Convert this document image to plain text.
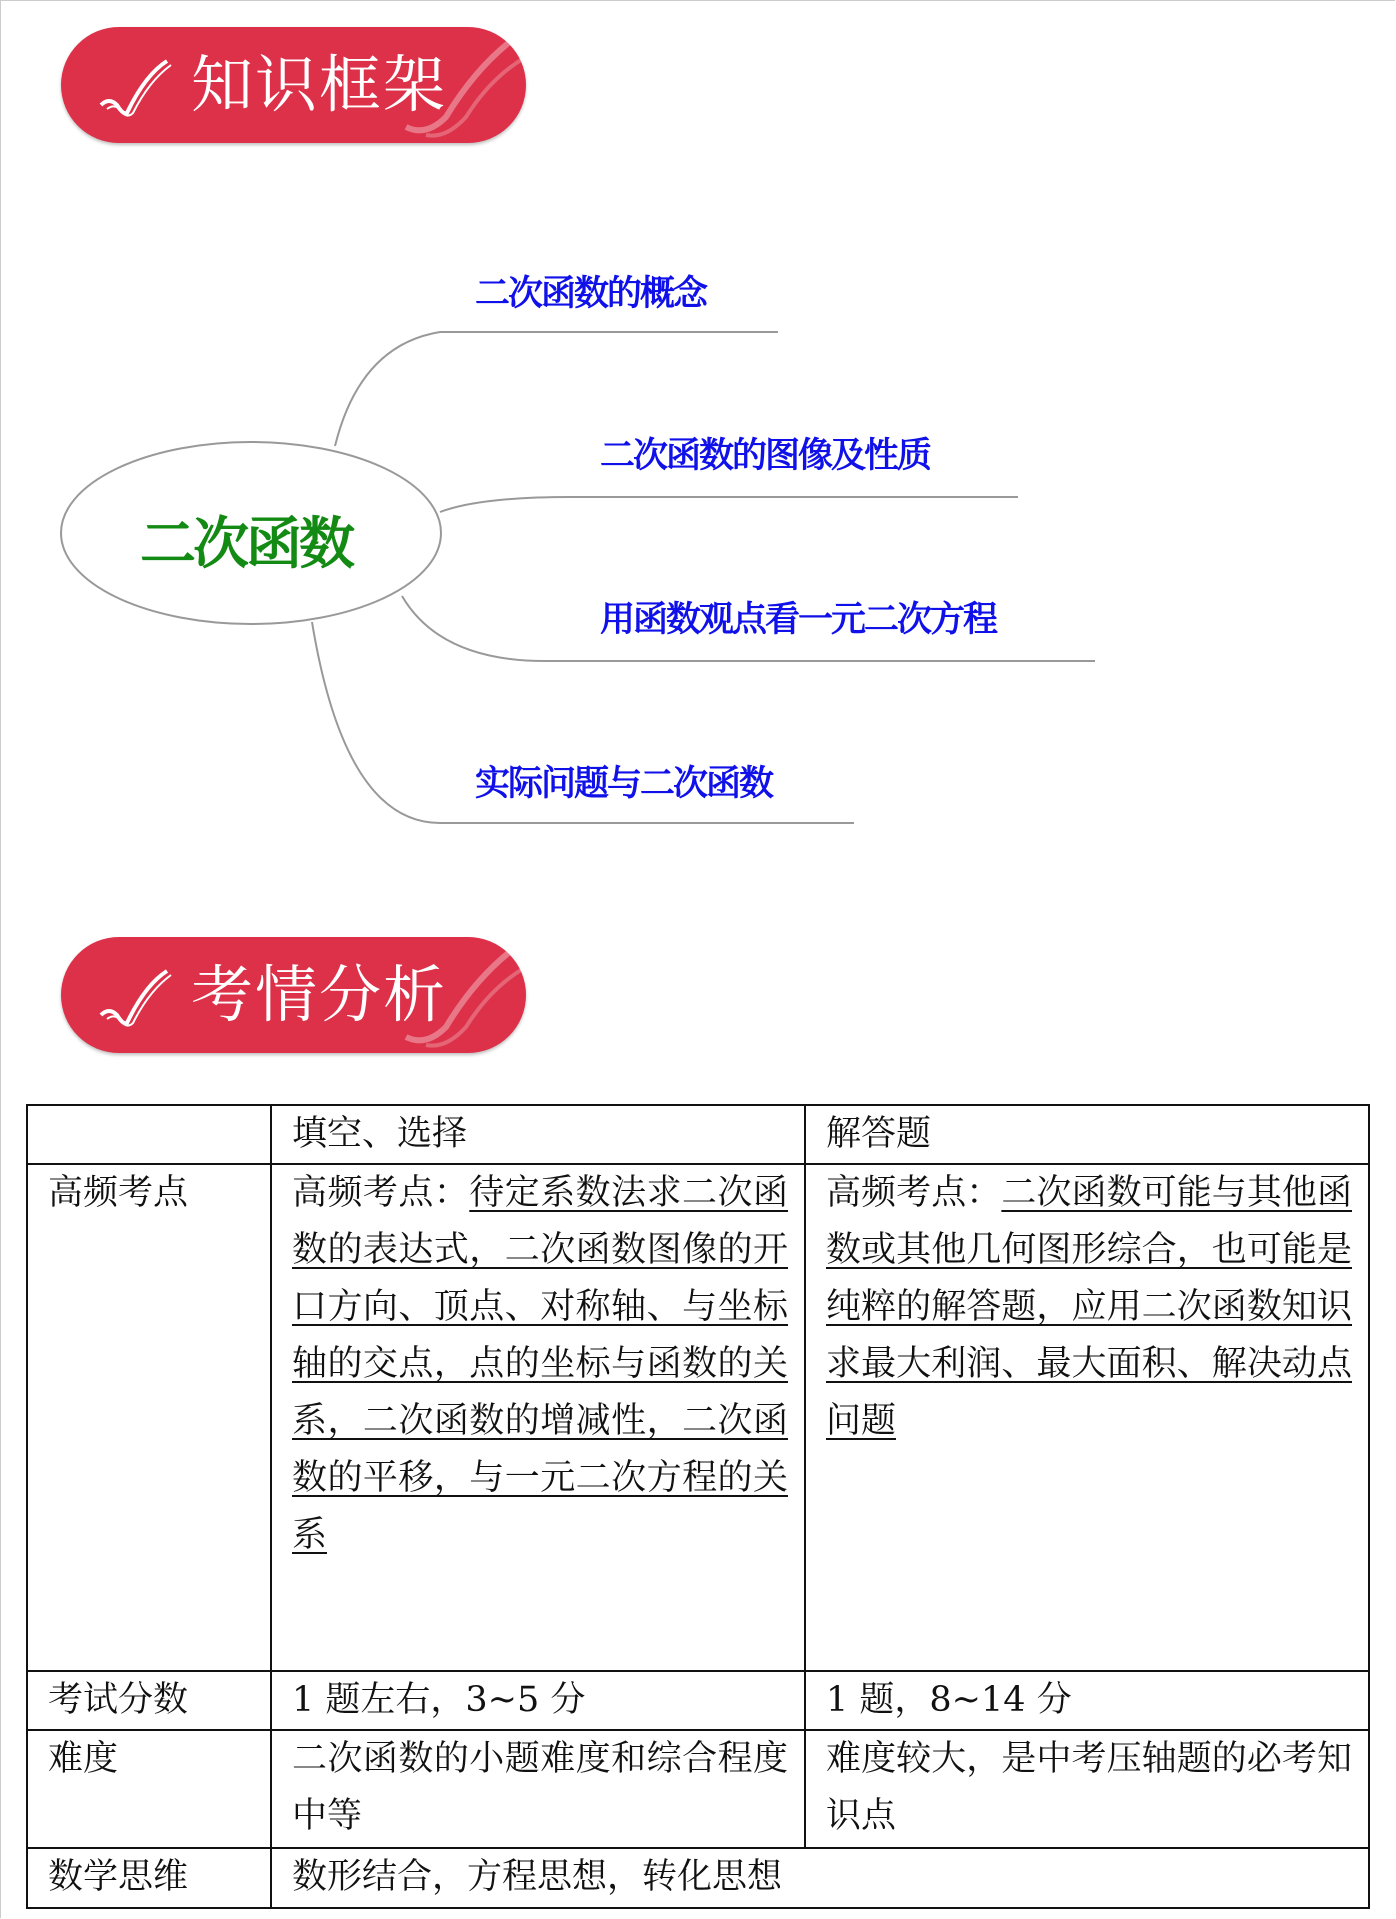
知识框架
二次函数
二次函数的概念
二次函数的图像及性质
用函数观点看一元二次方程
实际问题与二次函数
考情分析
	填空、选择	解答题
高频考点	高频考点：待定系数法求二次函数的表达式，二次函数图像的开口方向、顶点、对称轴、与坐标轴的交点，点的坐标与函数的关系，二次函数的增减性，二次函数的平移，与一元二次方程的关系	高频考点：二次函数可能与其他函数或其他几何图形综合，也可能是纯粹的解答题，应用二次函数知识求最大利润、最大面积、解决动点问题
考试分数	1 题左右，3~5 分	1 题，8~14 分
难度	二次函数的小题难度和综合程度中等	难度较大，是中考压轴题的必考知识点
数学思维	数形结合，方程思想，转化思想	
